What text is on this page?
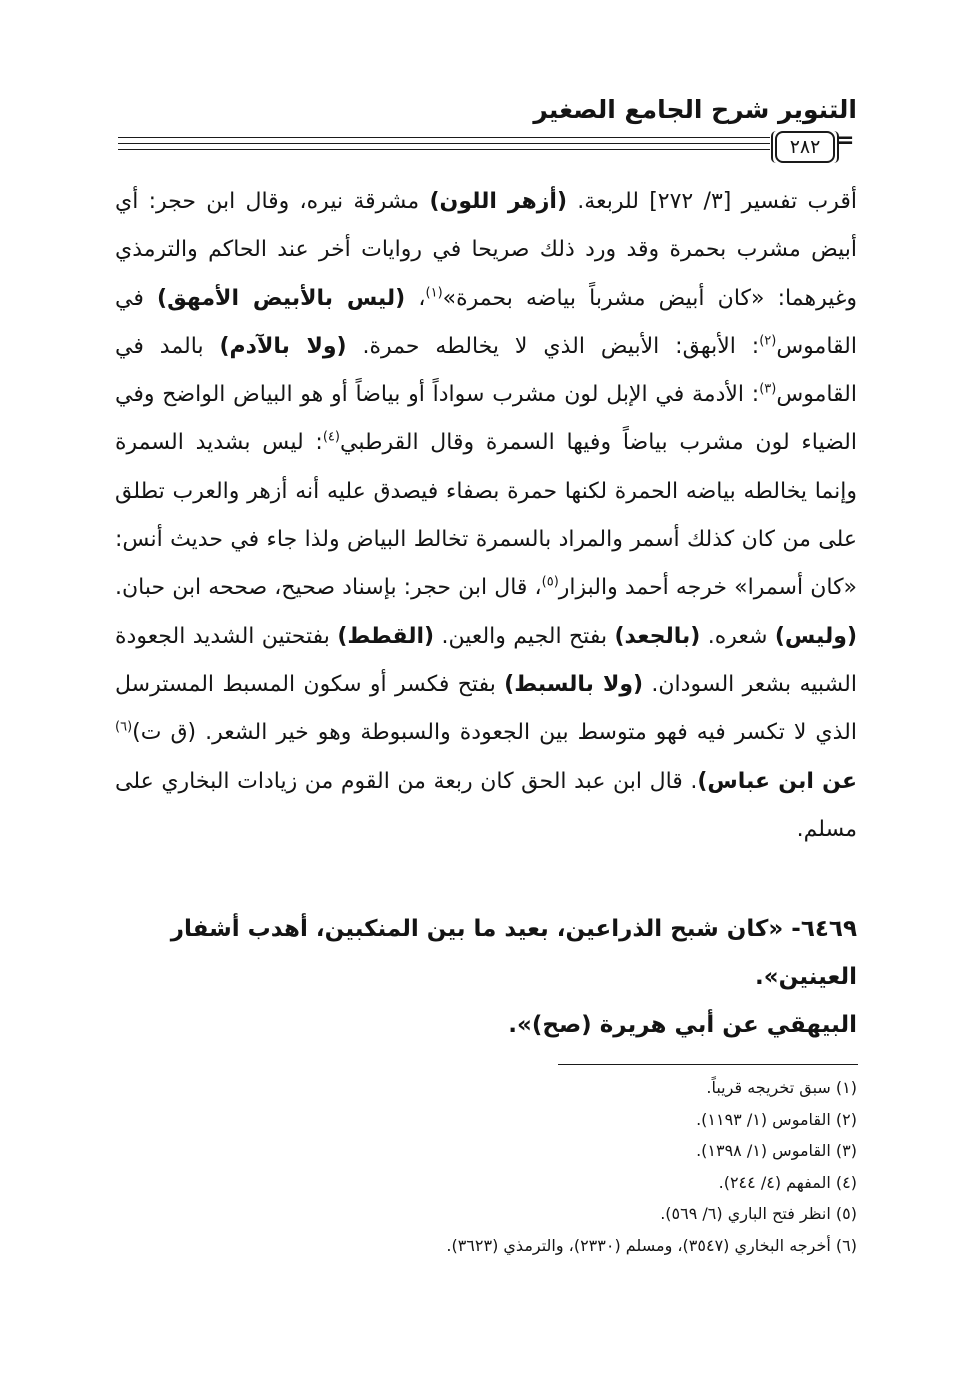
التنوير شرح الجامع الصغير
٢٨٢ =
أقرب تفسير [٣/ ٢٧٢] للربعة. (أزهر اللون) مشرقة نيره، وقال ابن حجر: أي أبيض مشرب بحمرة وقد ورد ذلك صريحا في روايات أخر عند الحاكم والترمذي وغيرهما: «كان أبيض مشرباً بياضه بحمرة»$^{(١)}$، (ليس بالأبيض الأمهق) في القاموس$^{(٢)}$: الأبهق: الأبيض الذي لا يخالطه حمرة. (ولا بالآدم) بالمد في القاموس$^{(٣)}$: الأدمة في الإبل لون مشرب سواداً أو بياضاً أو هو البياض الواضح وفي الضياء لون مشرب بياضاً وفيها السمرة وقال القرطبي$^{(٤)}$: ليس بشديد السمرة وإنما يخالطه بياضه الحمرة لكنها حمرة بصفاء فيصدق عليه أنه أزهر والعرب تطلق على من كان كذلك أسمر والمراد بالسمرة تخالط البياض ولذا جاء في حديث أنس: «كان أسمرا» خرجه أحمد والبزار$^{(٥)}$، قال ابن حجر: بإسناد صحيح، صححه ابن حبان. (وليس) شعره. (بالجعد) بفتح الجيم والعين. (القطط) بفتحتين الشديد الجعودة الشبيه بشعر السودان. (ولا بالسبط) بفتح فكسر أو سكون المسبط المسترسل الذي لا تكسر فيه فهو متوسط بين الجعودة والسبوطة وهو خير الشعر. (ق ت)$^{(٦)}$ عن ابن عباس). قال ابن عبد الحق كان ربعة من القوم من زيادات البخاري على مسلم.
٦٤٦٩- «كان شبح الذراعين، بعيد ما بين المنكبين، أهدب أشفار العينين».
البيهقي عن أبي هريرة (صح)».
(١) سبق تخريجه قريباً.
(٢) القاموس (١/ ١١٩٣).
(٣) القاموس (١/ ١٣٩٨).
(٤) المفهم (٤/ ٢٤٤).
(٥) انظر فتح الباري (٦/ ٥٦٩).
(٦) أخرجه البخاري (٣٥٤٧)، ومسلم (٢٣٣٠)، والترمذي (٣٦٢٣).
